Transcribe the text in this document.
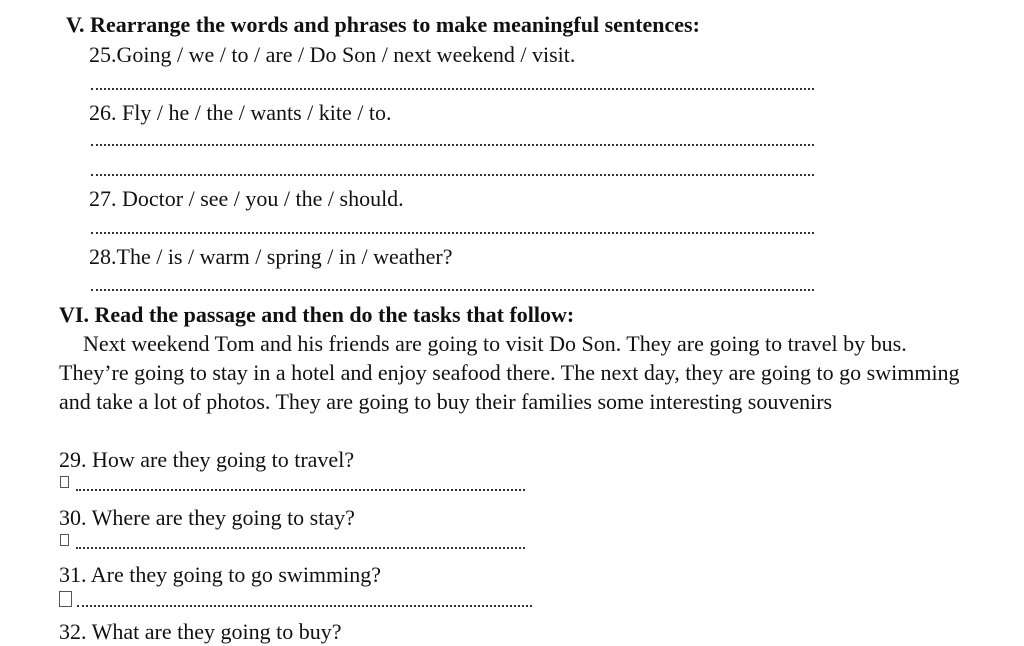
V. Rearrange the words and phrases to make meaningful sentences:
25.Going / we / to / are / Do Son / next weekend / visit.
26. Fly / he / the / wants / kite / to.
27. Doctor / see / you / the / should.
28.The / is / warm / spring / in / weather?
VI. Read the passage and then do the tasks that follow:
Next weekend Tom and his friends are going to visit Do Son. They are going to travel by bus. They’re going to stay in a hotel and enjoy seafood there. The next day, they are going to go swimming and take a lot of photos. They are going to buy their families some interesting souvenirs
29. How are they going to travel?
30. Where are they going to stay?
31. Are they going to go swimming?
32. What are they going to buy?
